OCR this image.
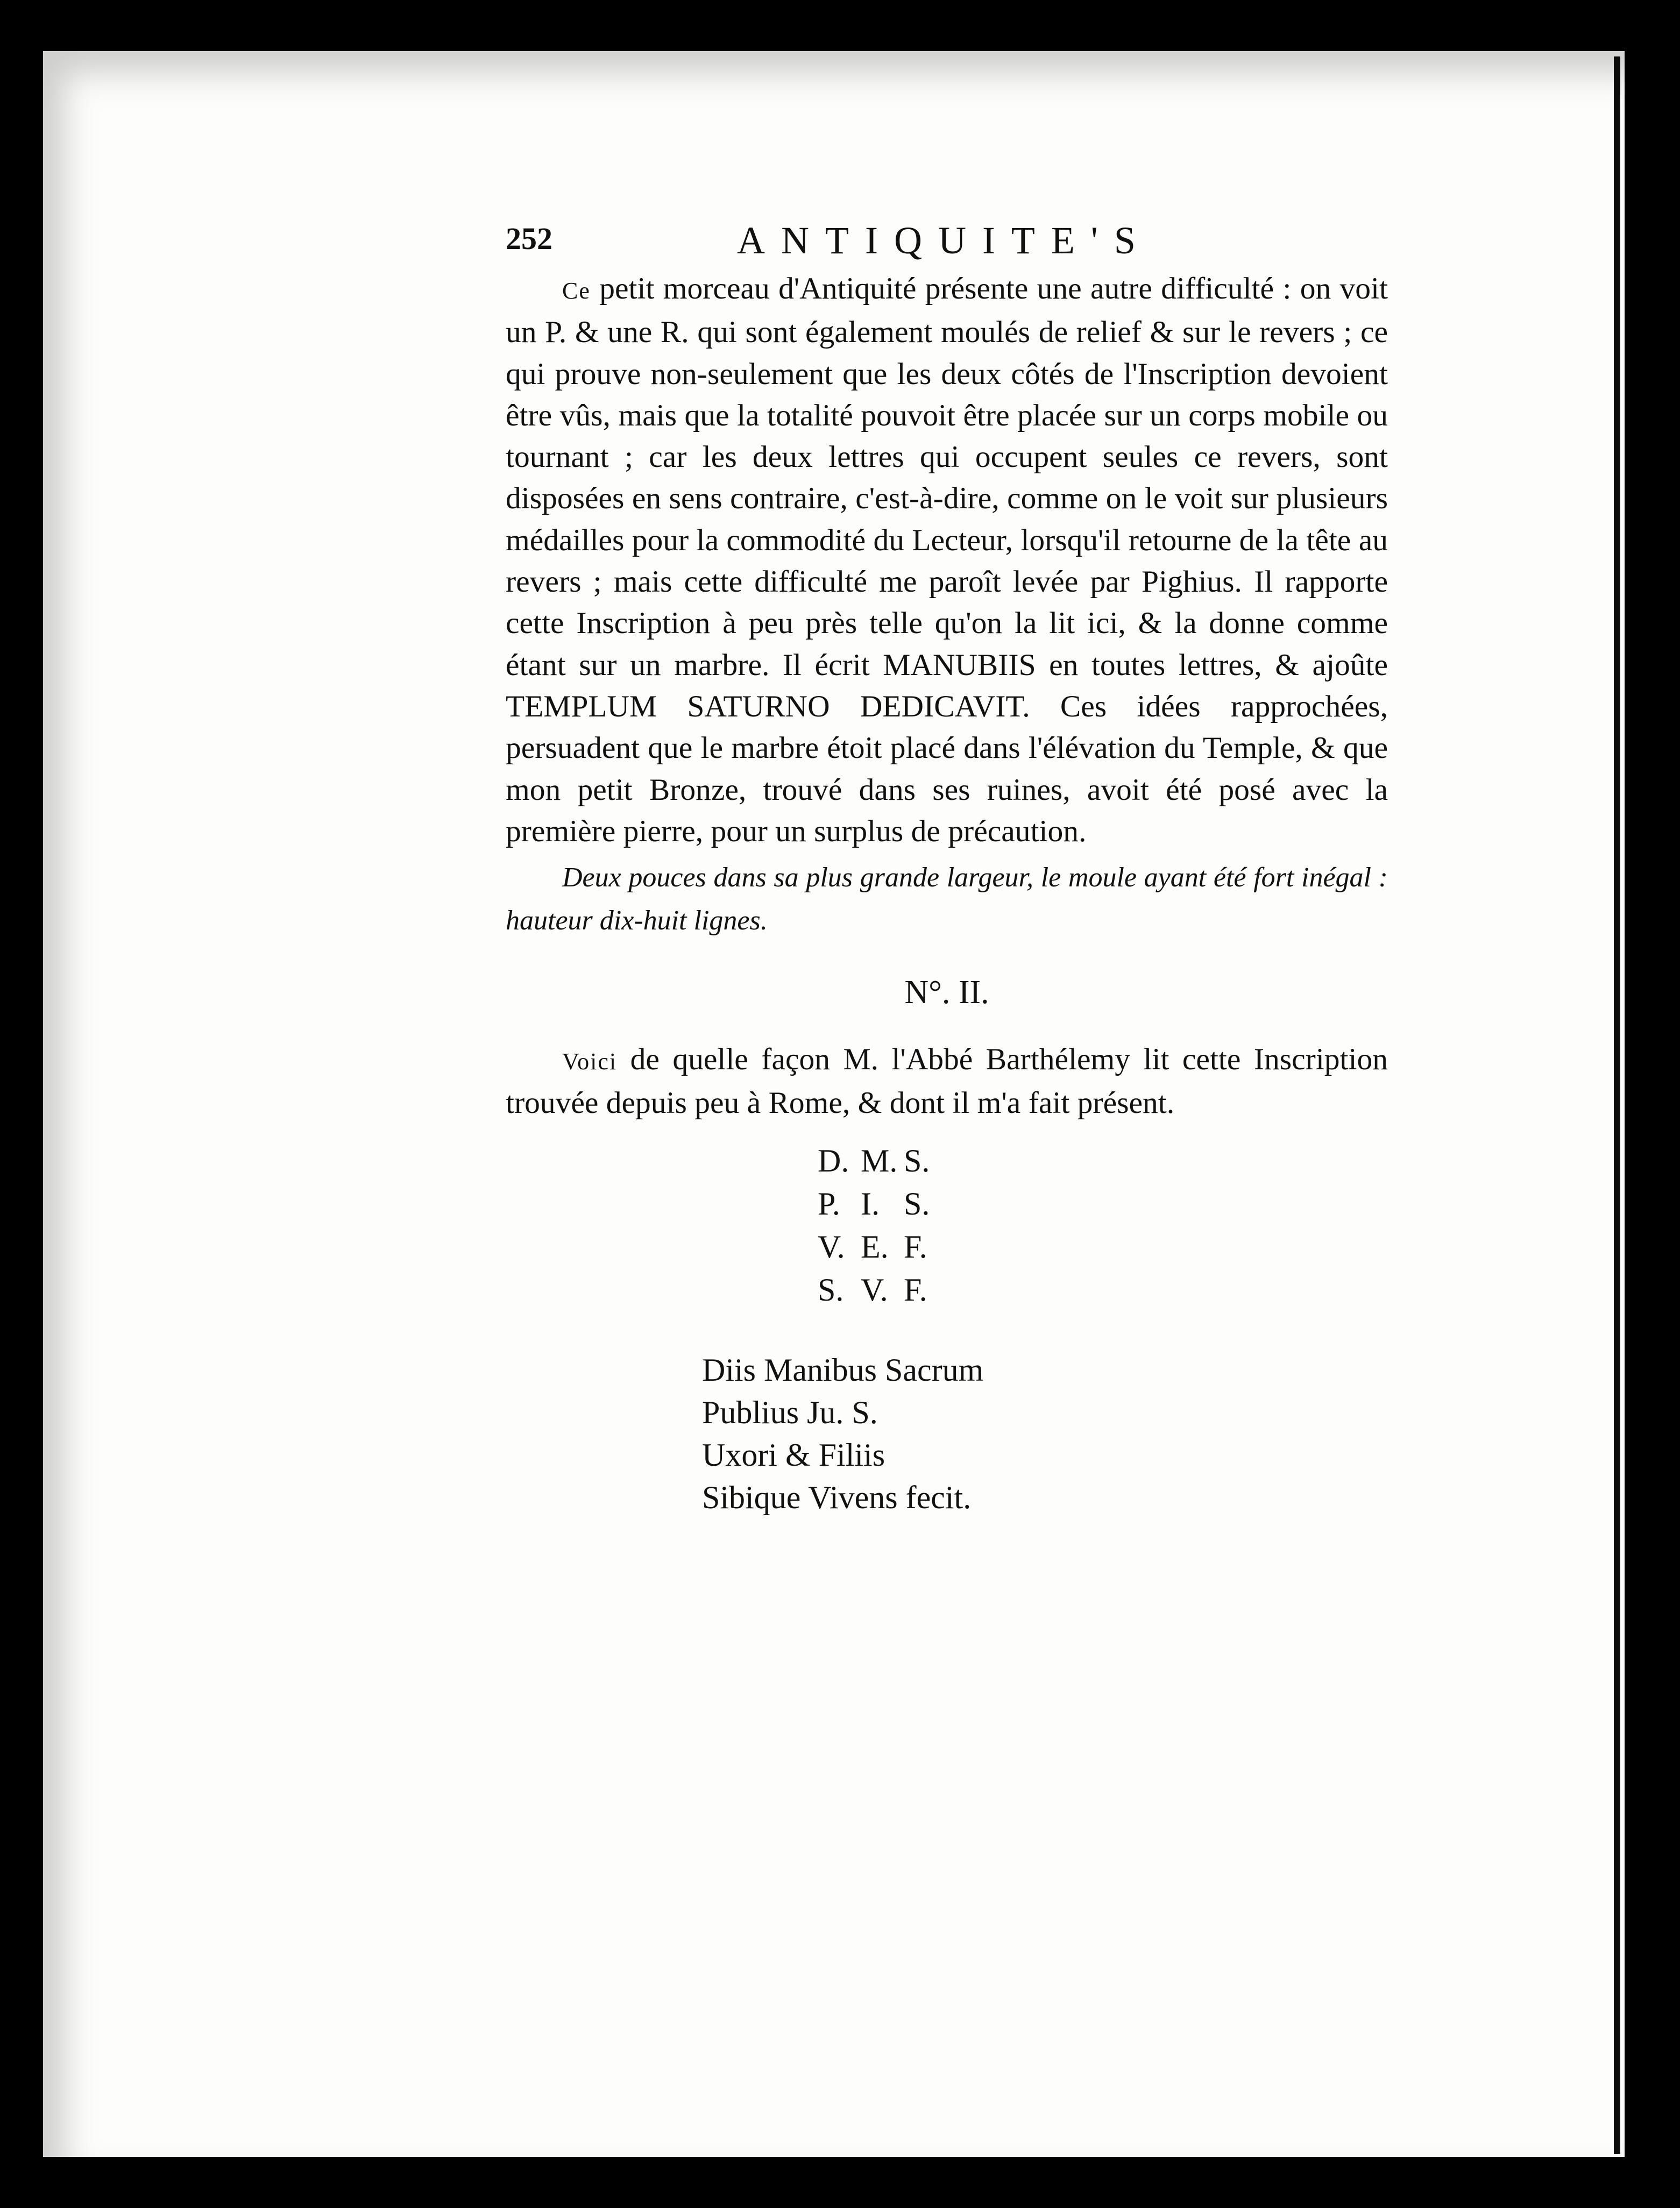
252	ANTIQUITE'S

Ce petit morceau d'Antiquité présente une autre difficulté : on voit un P. & une R. qui sont également moulés de relief & sur le revers ; ce qui prouve non-seulement que les deux côtés de l'Inscription devoient être vûs, mais que la totalité pouvoit être placée sur un corps mobile ou tournant ; car les deux lettres qui occupent seules ce revers, sont disposées en sens contraire, c'est-à-dire, comme on le voit sur plusieurs médailles pour la commodité du Lecteur, lorsqu'il retourne de la tête au revers ; mais cette difficulté me paroît levée par Pighius. Il rapporte cette Inscription à peu près telle qu'on la lit ici, & la donne comme étant sur un marbre. Il écrit MANUBIIS en toutes lettres, & ajoûte TEMPLUM SATURNO DEDICAVIT. Ces idées rapprochées, persuadent que le marbre étoit placé dans l'élévation du Temple, & que mon petit Bronze, trouvé dans ses ruines, avoit été posé avec la première pierre, pour un surplus de précaution.

Deux pouces dans sa plus grande largeur, le moule ayant été fort inégal : hauteur dix-huit lignes.

N°. II.

Voici de quelle façon M. l'Abbé Barthélemy lit cette Inscription trouvée depuis peu à Rome, & dont il m'a fait présent.

D. M. S.
P. I. S.
V. E. F.
S. V. F.
Diis Manibus Sacrum
Publius Ju. S.
Uxori & Filiis
Sibique Vivens fecit.
